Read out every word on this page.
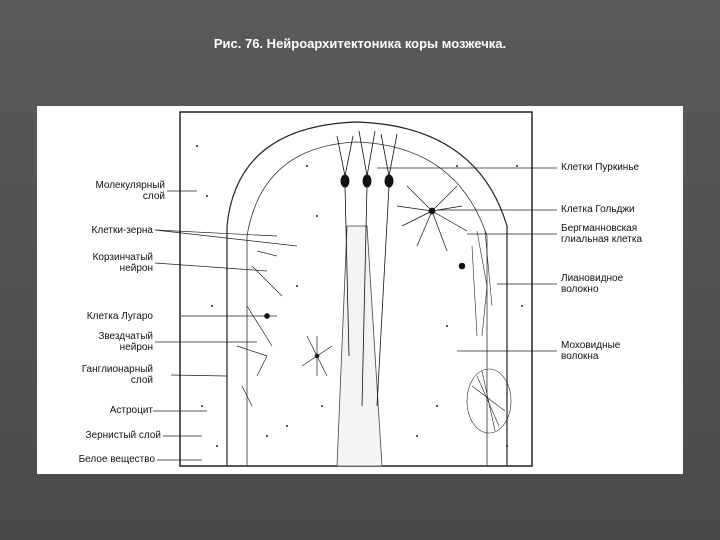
Рис. 76. Нейроархитектоника коры мозжечка.
Молекулярный
слой
Клетки-зерна
Корзинчатый
нейрон
Клетка Лугаро
Звездчатый
нейрон
Ганглионарный
слой
Астроцит
Зернистый слой
Белое вещество
Клетки Пуркинье
Клетка Гольджи
Бергманновская
глиальная клетка
Лиановидное
волокно
Моховидные
волокна
